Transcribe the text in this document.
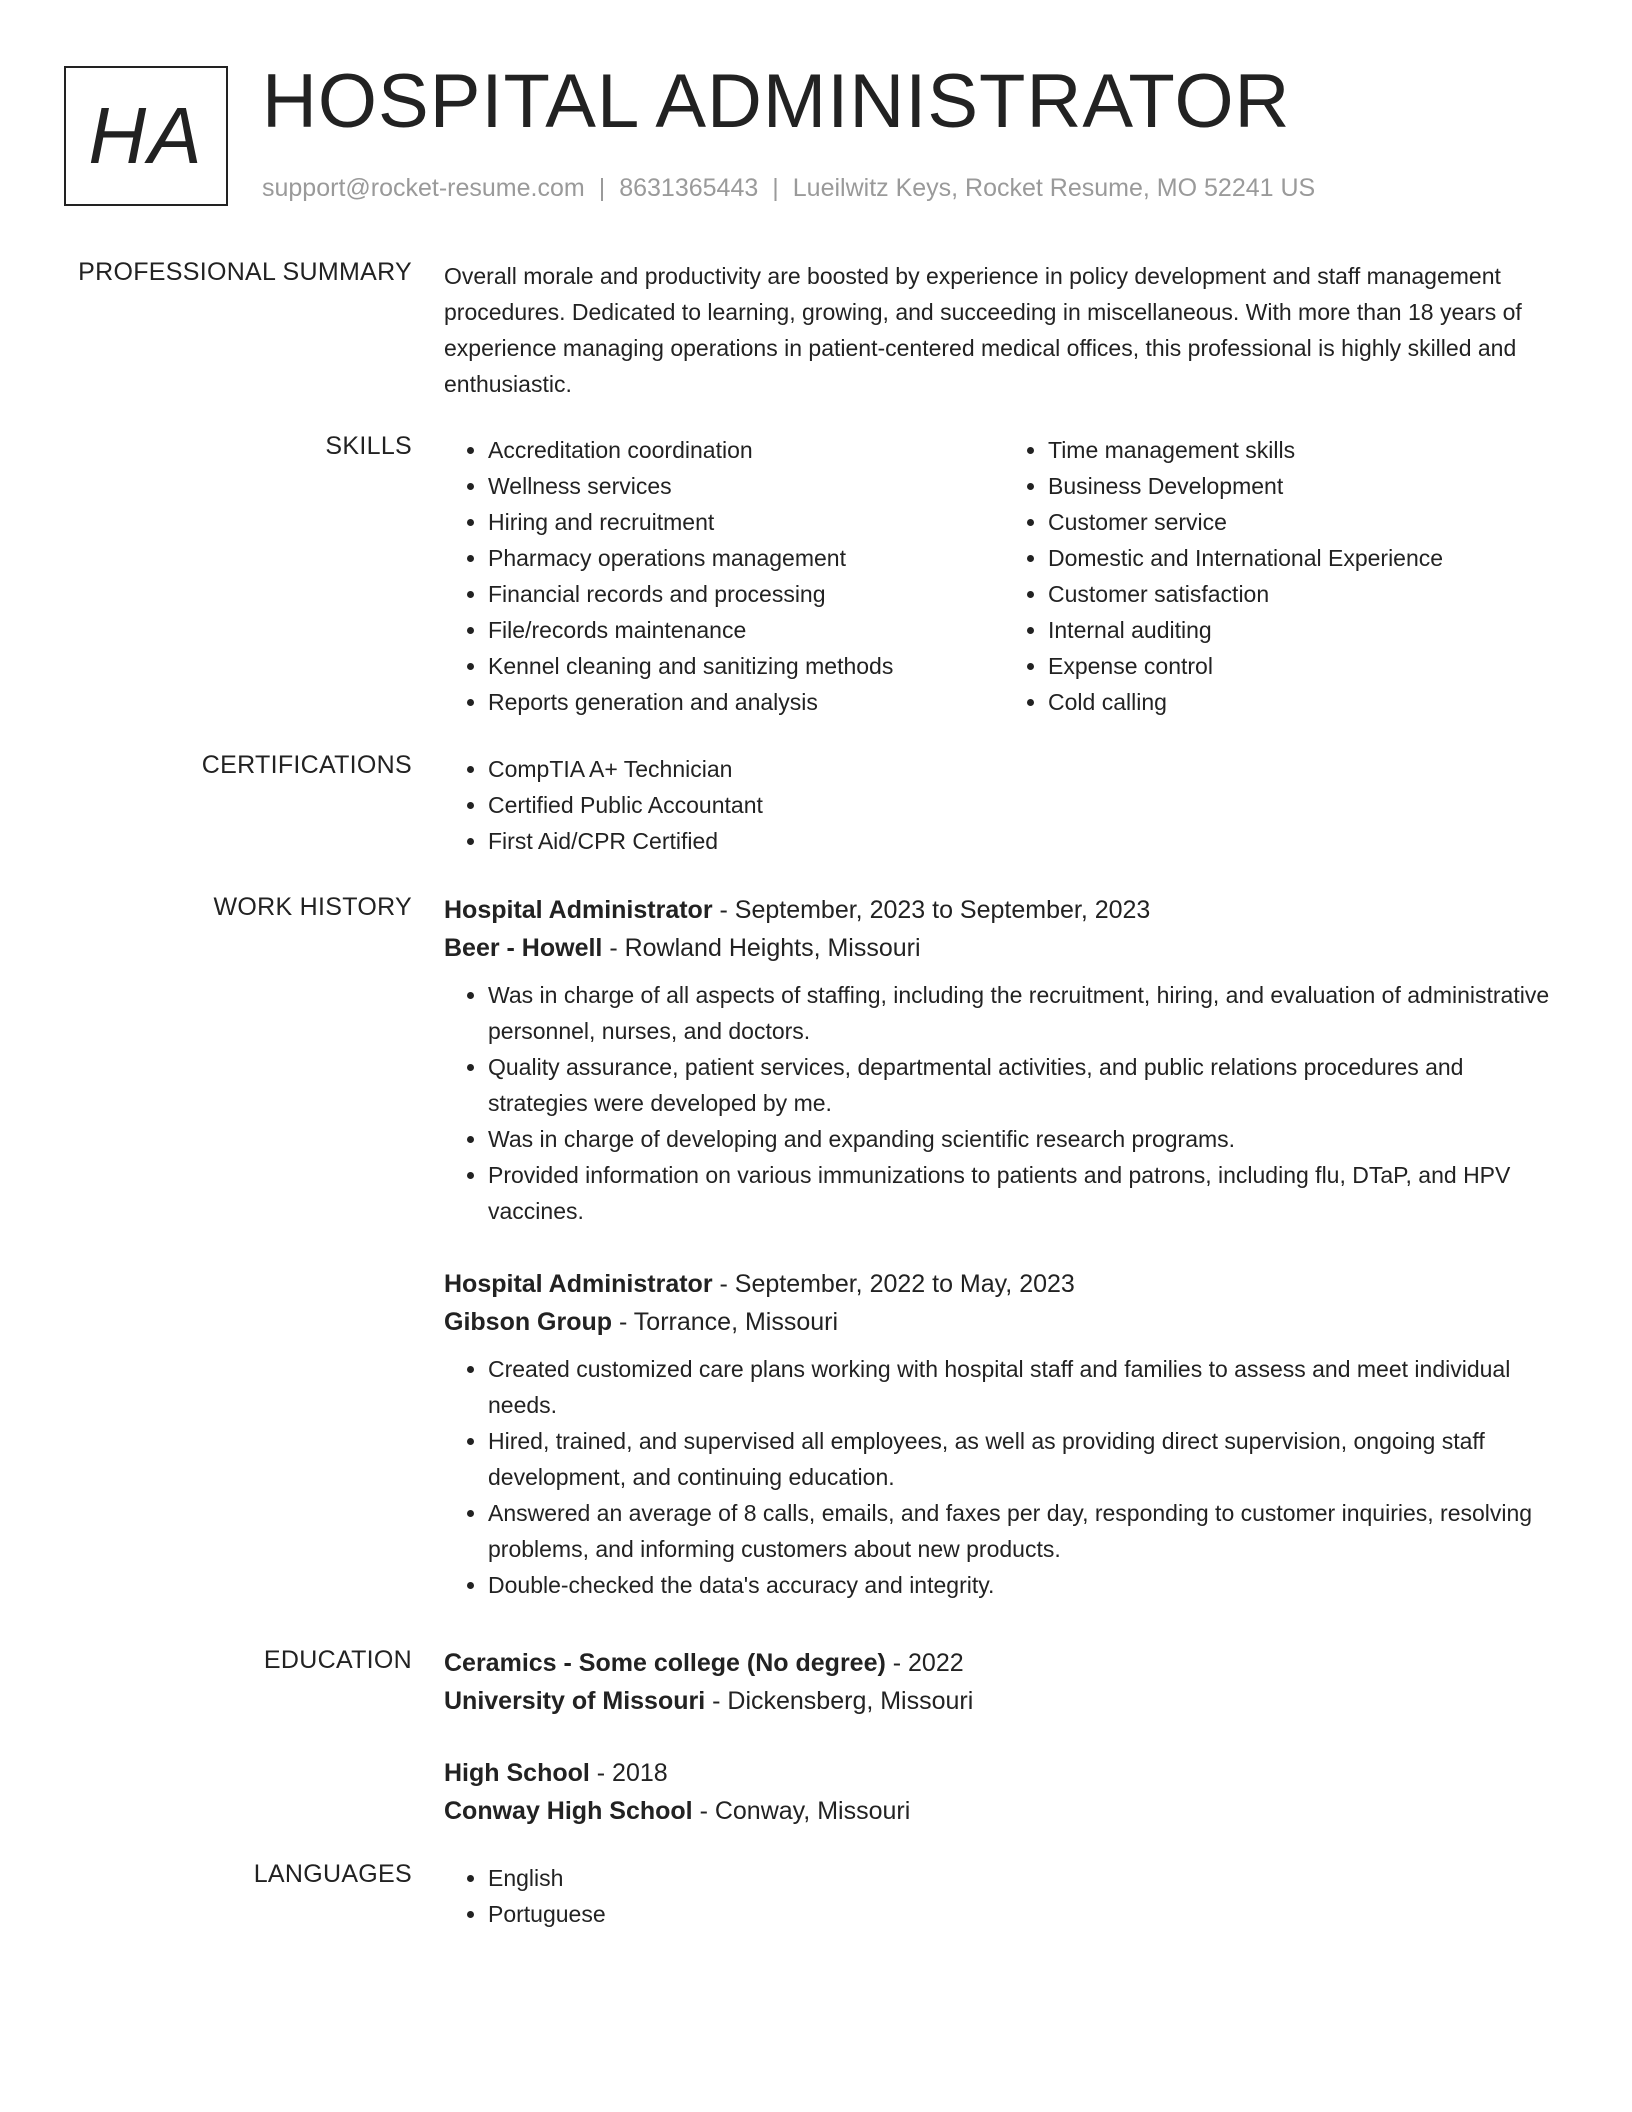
HA HOSPITAL ADMINISTRATOR
support@rocket-resume.com | 8631365443 | Lueilwitz Keys, Rocket Resume, MO 52241 US
PROFESSIONAL SUMMARY Overall morale and productivity are boosted by experience in policy development and staff management procedures. Dedicated to learning, growing, and succeeding in miscellaneous. With more than 18 years of experience managing operations in patient-centered medical offices, this professional is highly skilled and enthusiastic.
SKILLS	• Accreditation coordination
• Wellness services
• Hiring and recruitment
• Pharmacy operations management
• Financial records and processing
• File/records maintenance
• Kennel cleaning and sanitizing methods
• Reports generation and analysis
• Time management skills
• Business Development
• Customer service
• Domestic and International Experience
• Customer satisfaction
• Internal auditing
• Expense control
• Cold calling
CERTIFICATIONS	• CompTIA A+ Technician
• Certified Public Accountant
• First Aid/CPR Certified
WORK HISTORY Hospital Administrator - September, 2023 to September, 2023
Beer - Howell - Rowland Heights, Missouri
• Was in charge of all aspects of staffing, including the recruitment, hiring, and evaluation of administrative personnel, nurses, and doctors.
• Quality assurance, patient services, departmental activities, and public relations procedures and strategies were developed by me.
• Was in charge of developing and expanding scientific research programs.
• Provided information on various immunizations to patients and patrons, including flu, DTaP, and HPV vaccines.
Hospital Administrator - September, 2022 to May, 2023
Gibson Group - Torrance, Missouri
• Created customized care plans working with hospital staff and families to assess and meet individual needs.
• Hired, trained, and supervised all employees, as well as providing direct supervision, ongoing staff development, and continuing education.
• Answered an average of 8 calls, emails, and faxes per day, responding to customer inquiries, resolving problems, and informing customers about new products.
• Double-checked the data's accuracy and integrity.
EDUCATION Ceramics - Some college (No degree) - 2022
University of Missouri - Dickensberg, Missouri
High School - 2018
Conway High School - Conway, Missouri
LANGUAGES	• English
• Portuguese
